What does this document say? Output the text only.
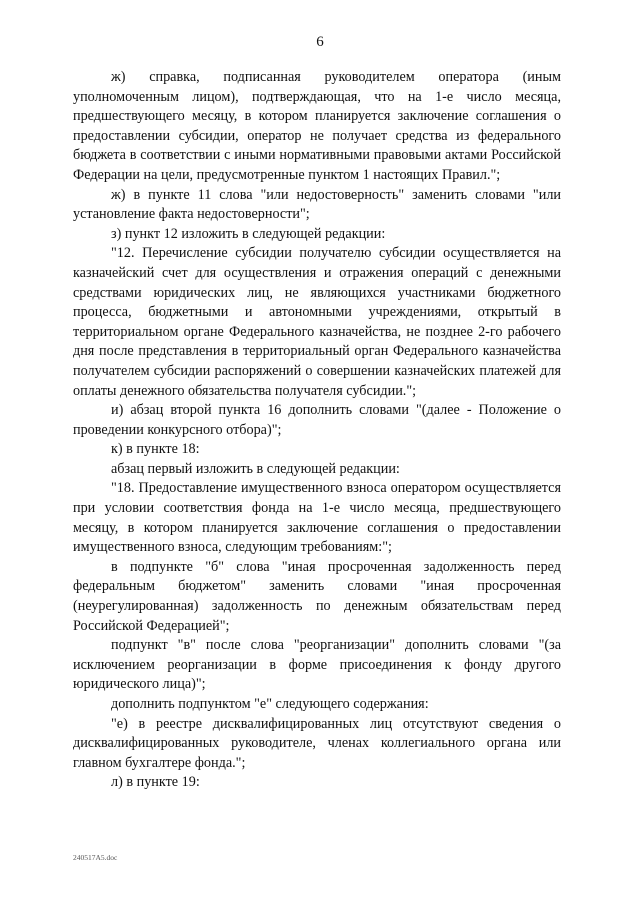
6

ж) справка, подписанная руководителем оператора (иным уполномоченным лицом), подтверждающая, что на 1-е число месяца, предшествующего месяцу, в котором планируется заключение соглашения о предоставлении субсидии, оператор не получает средства из федерального бюджета в соответствии с иными нормативными правовыми актами Российской Федерации на цели, предусмотренные пунктом 1 настоящих Правил.";

ж) в пункте 11 слова "или недостоверность" заменить словами "или установление факта недостоверности";

з) пункт 12 изложить в следующей редакции:

"12. Перечисление субсидии получателю субсидии осуществляется на казначейский счет для осуществления и отражения операций с денежными средствами юридических лиц, не являющихся участниками бюджетного процесса, бюджетными и автономными учреждениями, открытый в территориальном органе Федерального казначейства, не позднее 2-го рабочего дня после представления в территориальный орган Федерального казначейства получателем субсидии распоряжений о совершении казначейских платежей для оплаты денежного обязательства получателя субсидии.";

и) абзац второй пункта 16 дополнить словами "(далее - Положение о проведении конкурсного отбора)";

к) в пункте 18:

абзац первый изложить в следующей редакции:

"18. Предоставление имущественного взноса оператором осуществляется при условии соответствия фонда на 1-е число месяца, предшествующего месяцу, в котором планируется заключение соглашения о предоставлении имущественного взноса, следующим требованиям:";

в подпункте "б" слова "иная просроченная задолженность перед федеральным бюджетом" заменить словами "иная просроченная (неурегулированная) задолженность по денежным обязательствам перед Российской Федерацией";

подпункт "в" после слова "реорганизации" дополнить словами "(за исключением реорганизации в форме присоединения к фонду другого юридического лица)";

дополнить подпунктом "е" следующего содержания:

"е) в реестре дисквалифицированных лиц отсутствуют сведения о дисквалифицированных руководителе, членах коллегиального органа или главном бухгалтере фонда.";

л) в пункте 19:

240517А5.doc
